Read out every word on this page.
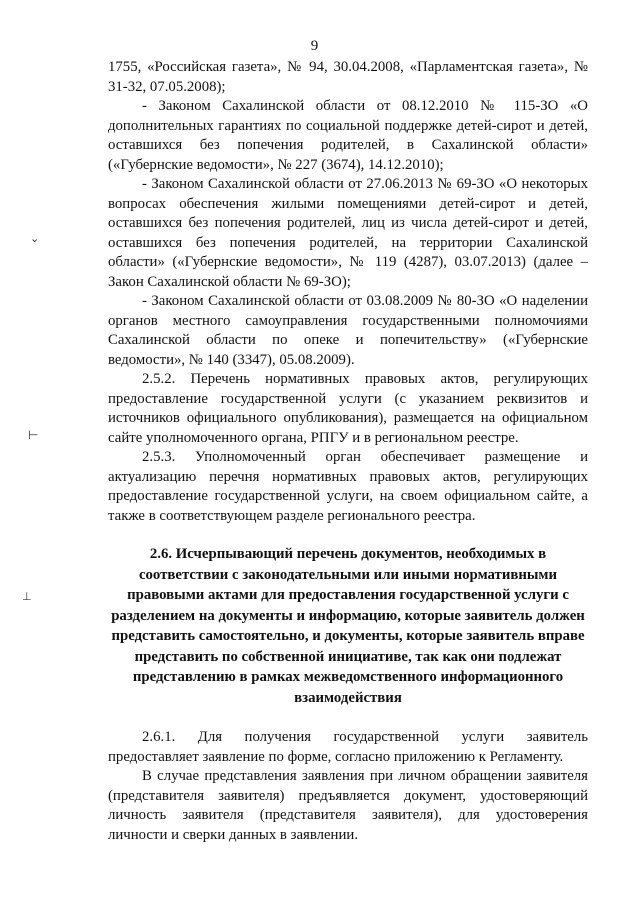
9
⌄
⊢
⊥

1755, «Российская газета», № 94, 30.04.2008, «Парламентская газета», № 31-32, 07.05.2008);

- Законом Сахалинской области от 08.12.2010 № 115-ЗО «О дополнительных гарантиях по социальной поддержке детей-сирот и детей, оставшихся без попечения родителей, в Сахалинской области» («Губернские ведомости», № 227 (3674), 14.12.2010);

- Законом Сахалинской области от 27.06.2013 № 69-ЗО «О некоторых вопросах обеспечения жилыми помещениями детей-сирот и детей, оставшихся без попечения родителей, лиц из числа детей-сирот и детей, оставшихся без попечения родителей, на территории Сахалинской области» («Губернские ведомости», № 119 (4287), 03.07.2013) (далее – Закон Сахалинской области № 69-ЗО);

- Законом Сахалинской области от 03.08.2009 № 80-ЗО «О наделении органов местного самоуправления государственными полномочиями Сахалинской области по опеке и попечительству» («Губернские ведомости», № 140 (3347), 05.08.2009).

2.5.2. Перечень нормативных правовых актов, регулирующих предоставление государственной услуги (с указанием реквизитов и источников официального опубликования), размещается на официальном сайте уполномоченного органа, РПГУ и в региональном реестре.

2.5.3. Уполномоченный орган обеспечивает размещение и актуализацию перечня нормативных правовых актов, регулирующих предоставление государственной услуги, на своем официальном сайте, а также в соответствующем разделе регионального реестра.

2.6. Исчерпывающий перечень документов, необходимых в соответствии с законодательными или иными нормативными правовыми актами для предоставления государственной услуги с разделением на документы и информацию, которые заявитель должен представить самостоятельно, и документы, которые заявитель вправе представить по собственной инициативе, так как они подлежат представлению в рамках межведомственного информационного взаимодействия

2.6.1. Для получения государственной услуги заявитель предоставляет заявление по форме, согласно приложению к Регламенту.

В случае представления заявления при личном обращении заявителя (представителя заявителя) предъявляется документ, удостоверяющий личность заявителя (представителя заявителя), для удостоверения личности и сверки данных в заявлении.
